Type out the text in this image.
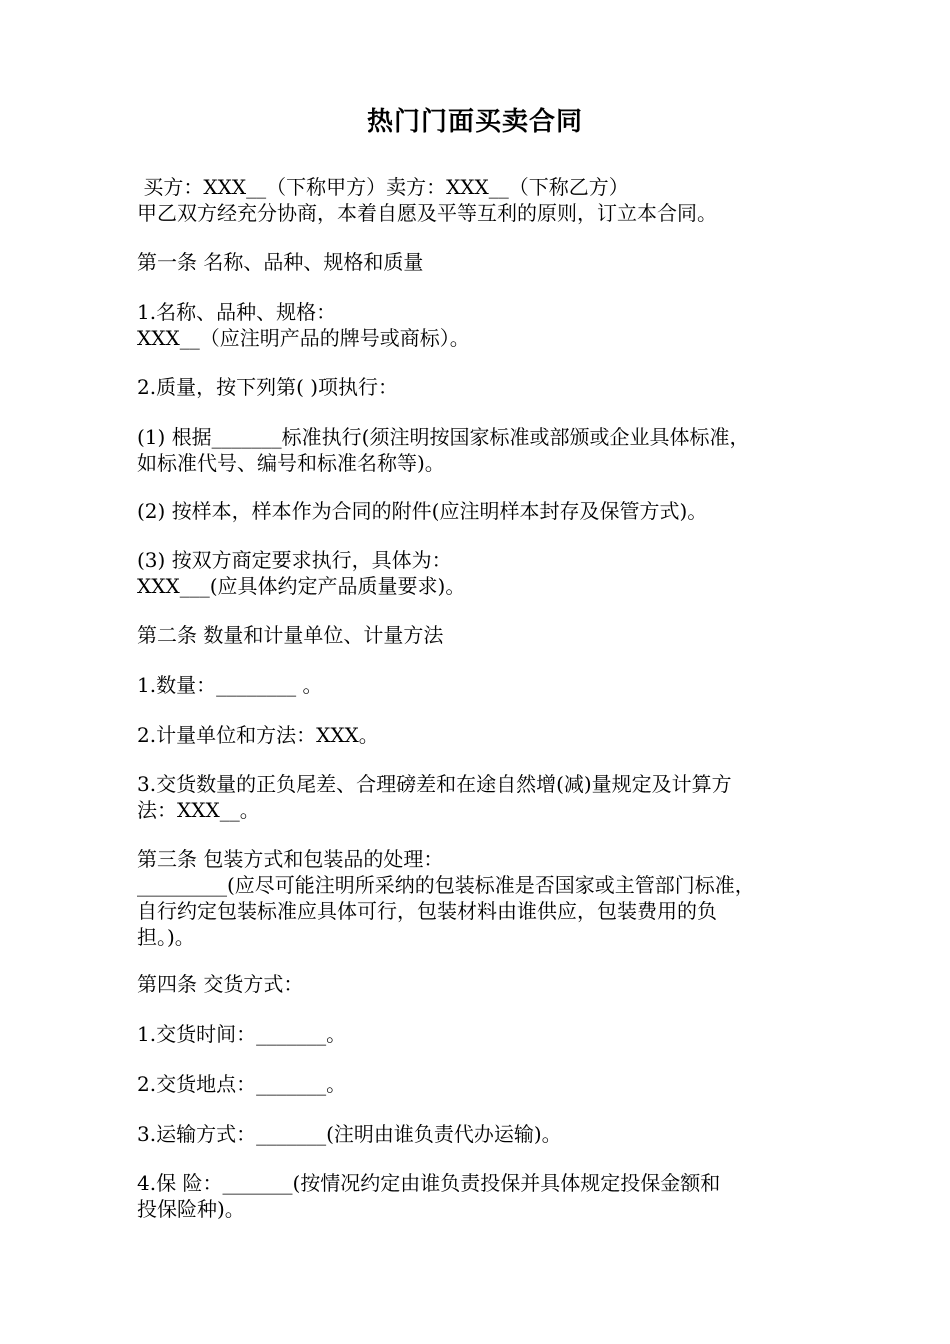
热门门面买卖合同
买方：XXX__（下称甲方）卖方：XXX__（下称乙方）
甲乙双方经充分协商，本着自愿及平等互利的原则，订立本合同。
第一条 名称、品种、规格和质量
1.名称、品种、规格：
XXX__（应注明产品的牌号或商标）。
2.质量，按下列第( )项执行：
(1) 根据_______标准执行(须注明按国家标准或部颁或企业具体标准，
如标准代号、编号和标准名称等)。
(2) 按样本，样本作为合同的附件(应注明样本封存及保管方式)。
(3) 按双方商定要求执行，具体为：
XXX___(应具体约定产品质量要求)。
第二条 数量和计量单位、计量方法
1.数量：________ 。
2.计量单位和方法：XXX。
3.交货数量的正负尾差、合理磅差和在途自然增(减)量规定及计算方
法：XXX__。
第三条 包装方式和包装品的处理：
_________(应尽可能注明所采纳的包装标准是否国家或主管部门标准，
自行约定包装标准应具体可行，包装材料由谁供应，包装费用的负
担。)。
第四条 交货方式：
1.交货时间：_______。
2.交货地点：_______。
3.运输方式：_______(注明由谁负责代办运输)。
4.保 险：_______(按情况约定由谁负责投保并具体规定投保金额和
投保险种)。
